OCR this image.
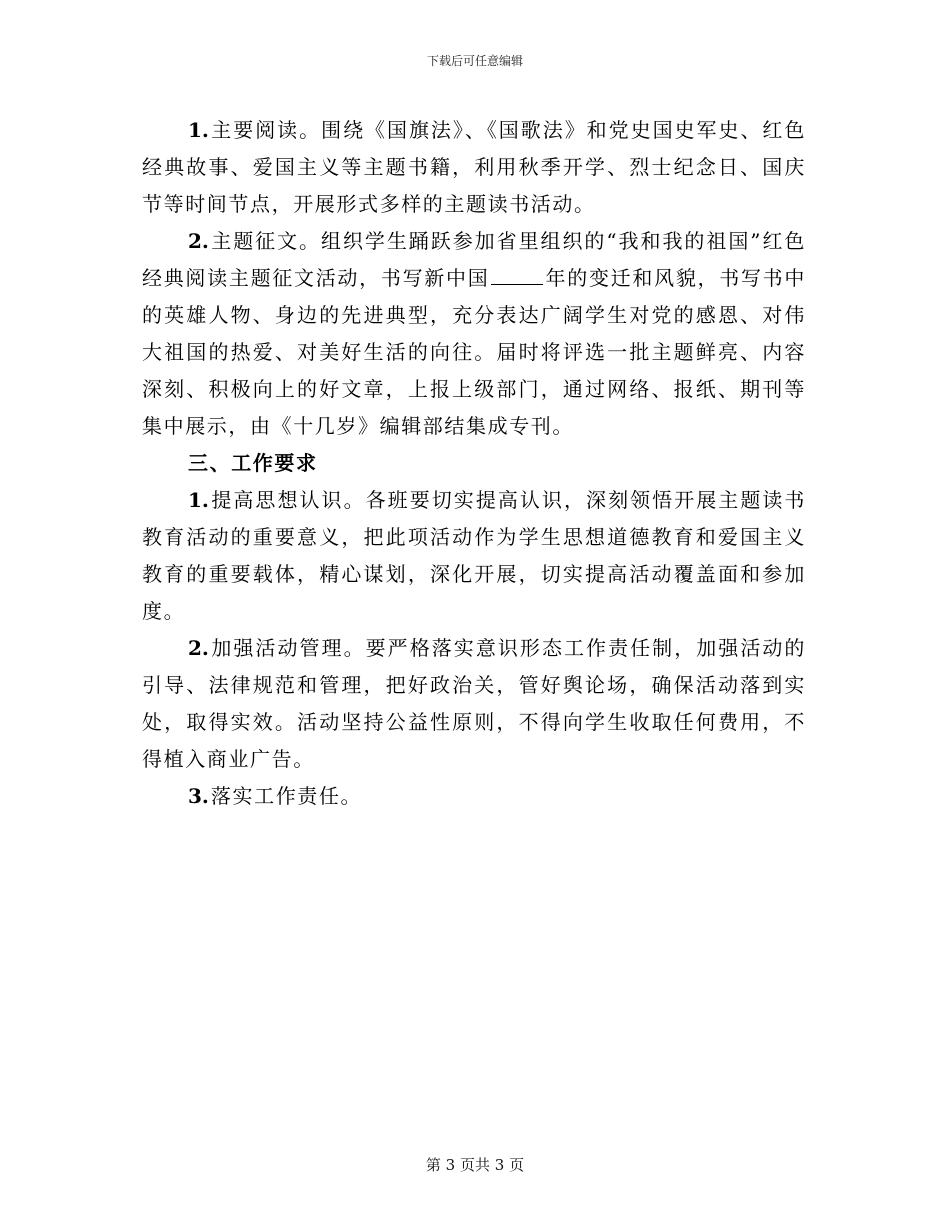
下载后可任意编辑

1. 主要阅读。围绕《国旗法》、《国歌法》和党史国史军史、红色经典故事、爱国主义等主题书籍，利用秋季开学、烈士纪念日、国庆节等时间节点，开展形式多样的主题读书活动。

2. 主题征文。组织学生踊跃参加省里组织的“我和我的祖国”红色经典阅读主题征文活动，书写新中国	年的变迁和风貌，书写书中的英雄人物、身边的先进典型，充分表达广阔学生对党的感恩、对伟大祖国的热爱、对美好生活的向往。届时将评选一批主题鲜亮、内容深刻、积极向上的好文章，上报上级部门，通过网络、报纸、期刊等集中展示，由《十几岁》编辑部结集成专刊。

三、工作要求

1. 提高思想认识。各班要切实提高认识，深刻领悟开展主题读书教育活动的重要意义，把此项活动作为学生思想道德教育和爱国主义教育的重要载体，精心谋划，深化开展，切实提高活动覆盖面和参加度。

2. 加强活动管理。要严格落实意识形态工作责任制，加强活动的引导、法律规范和管理，把好政治关，管好舆论场，确保活动落到实处，取得实效。活动坚持公益性原则，不得向学生收取任何费用，不得植入商业广告。

3. 落实工作责任。

第 3 页共 3 页
